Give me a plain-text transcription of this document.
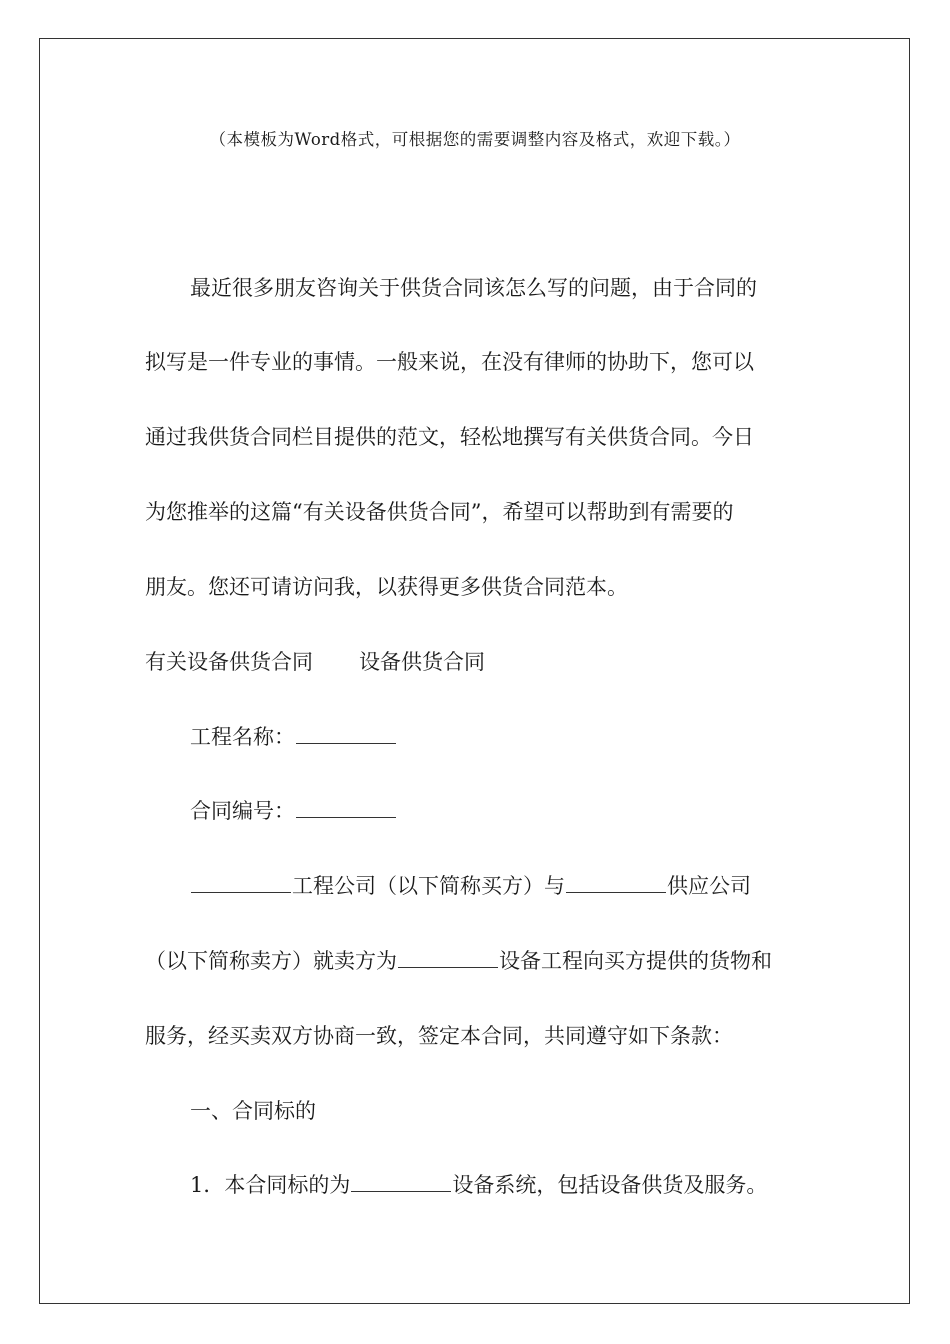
（本模板为Word格式，可根据您的需要调整内容及格式，欢迎下载。）
最近很多朋友咨询关于供货合同该怎么写的问题，由于合同的
拟写是一件专业的事情。一般来说，在没有律师的协助下，您可以
通过我供货合同栏目提供的范文，轻松地撰写有关供货合同。今日
为您推举的这篇“有关设备供货合同”，希望可以帮助到有需要的
朋友。您还可请访问我，以获得更多供货合同范本。
有关设备供货合同 设备供货合同
工程名称：
合同编号：
工程公司（以下简称买方）与	供应公司
（以下简称卖方）就卖方为	设备工程向买方提供的货物和
服务，经买卖双方协商一致，签定本合同，共同遵守如下条款：
一、合同标的
1．本合同标的为	设备系统，包括设备供货及服务。
